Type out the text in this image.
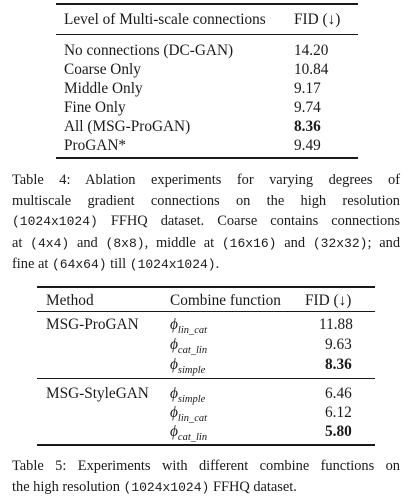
Level of Multi-scale connections FID (↓)
No connections (DC-GAN)	14.20
Coarse Only	10.84
Middle Only	9.17
Fine Only	9.74
All (MSG-ProGAN)	8.36
ProGAN*	9.49
Table 4: Ablation experiments for varying degrees of
multiscale gradient connections on the high resolution
(1024x1024) FFHQ dataset. Coarse contains connections
at (4x4) and (8x8), middle at (16x16) and (32x32); and
fine at (64x64) till (1024x1024).
Method	Combine function FID (↓)
MSG-ProGAN $\phi_{lin\_cat}$	11.88
$\phi_{cat\_lin}$	9.63
$\phi_{simple}$	8.36
MSG-StyleGAN $\phi_{simple}$	6.46
$\phi_{lin\_cat}$	6.12
$\phi_{cat\_lin}$	5.80
Table 5: Experiments with different combine functions on
the high resolution (1024x1024) FFHQ dataset.
